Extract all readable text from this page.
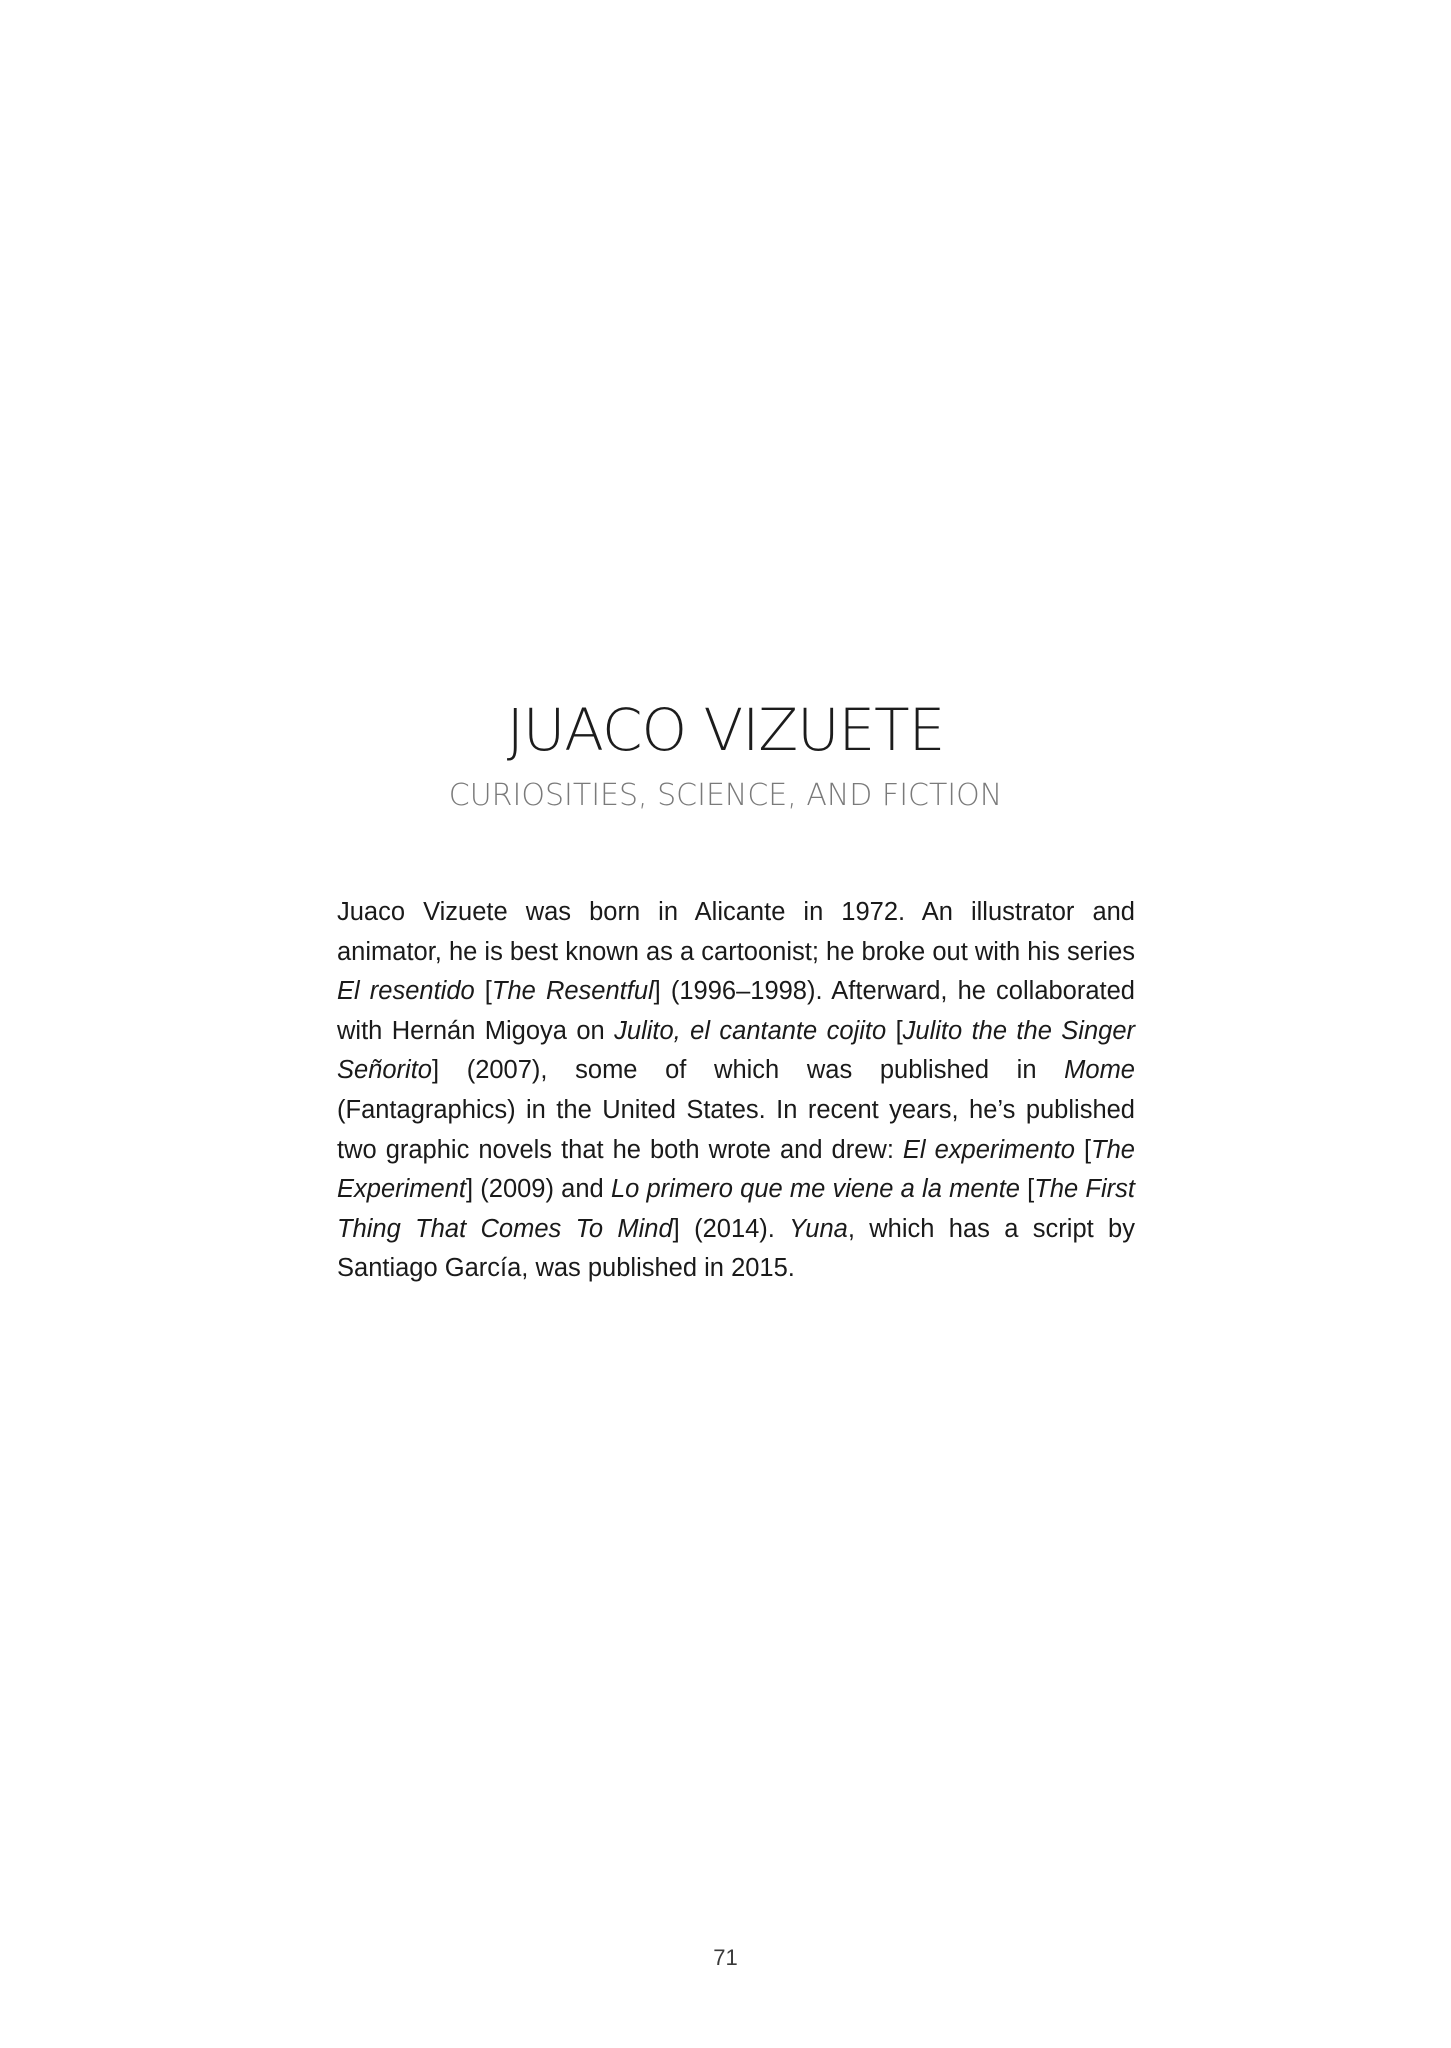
JUACO VIZUETE
CURIOSITIES, SCIENCE, AND FICTION

Juaco Vizuete was born in Alicante in 1972. An illustrator and animator, he is best known as a cartoonist; he broke out with his series El resentido [The Resentful] (1996–1998). Afterward, he collaborated with Hernán Migoya on Julito, el cantante cojito [Julito the the Singer Señorito] (2007), some of which was published in Mome (Fantagraphics) in the United States. In recent years, he’s published two graphic novels that he both wrote and drew: El experimento [The Experiment] (2009) and Lo primero que me viene a la mente [The First Thing That Comes To Mind] (2014). Yuna, which has a script by Santiago García, was published in 2015.

71
